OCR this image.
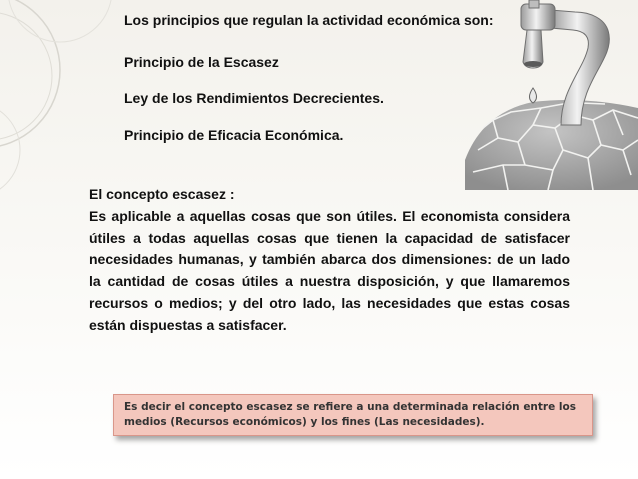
Los principios que regulan la actividad económica son:
Principio de la Escasez
Ley de los Rendimientos Decrecientes.
Principio de Eficacia Económica.
El concepto escasez :
Es aplicable a aquellas cosas que son útiles. El economista considera útiles a todas aquellas cosas que tienen la capacidad de satisfacer necesidades humanas, y también abarca dos dimensiones: de un lado la cantidad de cosas útiles a nuestra disposición, y que llamaremos recursos o medios; y del otro lado, las necesidades que estas cosas están dispuestas a satisfacer.
Es decir el concepto escasez se refiere a una determinada relación entre los medios (Recursos económicos) y los fines (Las necesidades).
